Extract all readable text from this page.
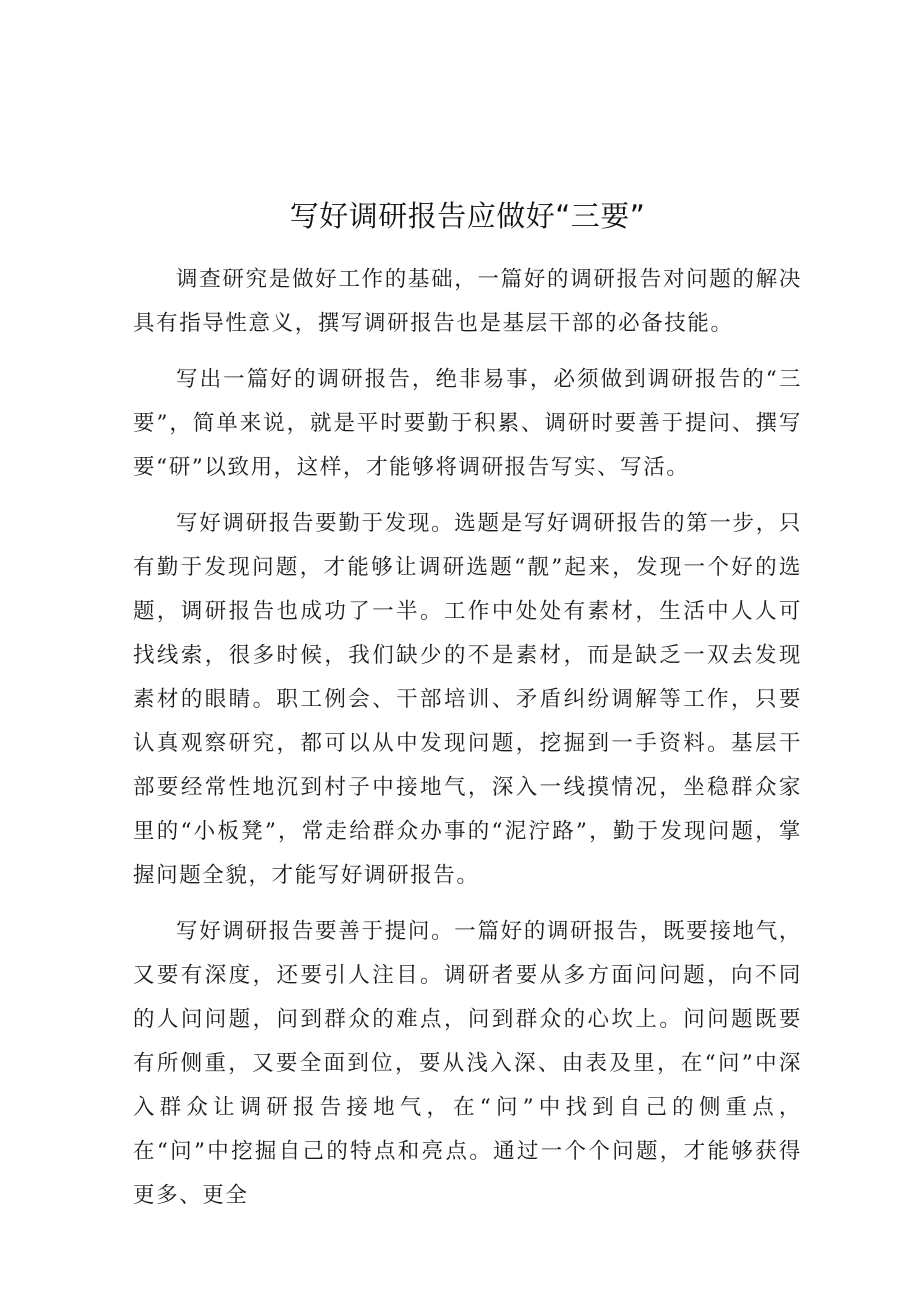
写好调研报告应做好“三要”

调查研究是做好工作的基础，一篇好的调研报告对问题的解决具有指导性意义，撰写调研报告也是基层干部的必备技能。

写出一篇好的调研报告，绝非易事，必须做到调研报告的“三要”，简单来说，就是平时要勤于积累、调研时要善于提问、撰写要“研”以致用，这样，才能够将调研报告写实、写活。

写好调研报告要勤于发现。选题是写好调研报告的第一步，只有勤于发现问题，才能够让调研选题“靓”起来，发现一个好的选题，调研报告也成功了一半。工作中处处有素材，生活中人人可找线索，很多时候，我们缺少的不是素材，而是缺乏一双去发现素材的眼睛。职工例会、干部培训、矛盾纠纷调解等工作，只要认真观察研究，都可以从中发现问题，挖掘到一手资料。基层干部要经常性地沉到村子中接地气，深入一线摸情况，坐稳群众家里的“小板凳”，常走给群众办事的“泥泞路”，勤于发现问题，掌握问题全貌，才能写好调研报告。

写好调研报告要善于提问。一篇好的调研报告，既要接地气，又要有深度，还要引人注目。调研者要从多方面问问题，向不同的人问问题，问到群众的难点，问到群众的心坎上。问问题既要有所侧重，又要全面到位，要从浅入深、由表及里，在“问”中深入群众让调研报告接地气，在“问”中找到自己的侧重点，在“问”中挖掘自己的特点和亮点。通过一个个问题，才能够获得更多、更全
